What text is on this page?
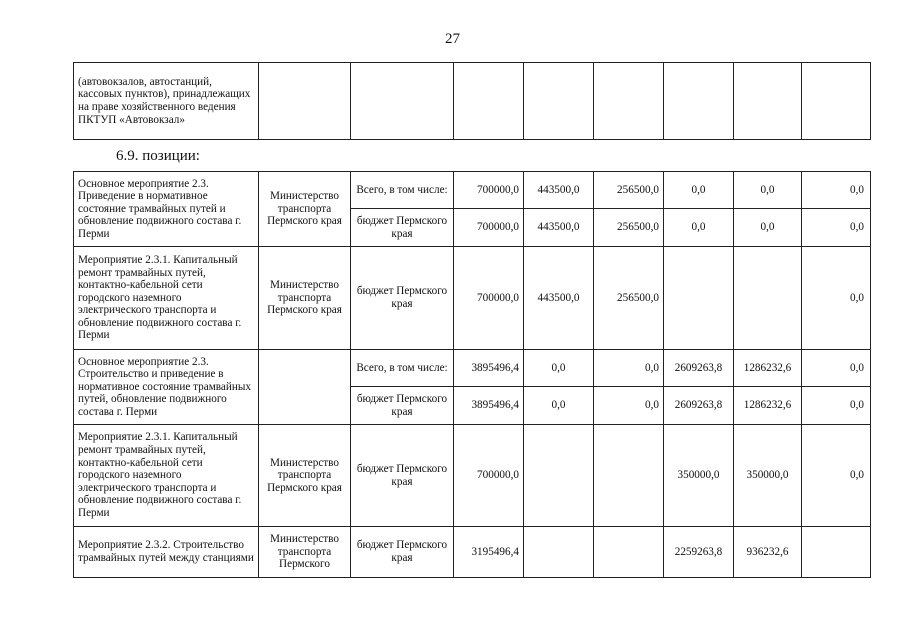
27
(автовокзалов, автостанций, кассовых пунктов), принадлежащих на праве хозяйственного ведения ПКТУП «Автовокзал»								
6.9. позиции:
Основное мероприятие 2.3. Приведение в нормативное состояние трамвайных путей и обновление подвижного состава г. Перми	Министерство транспорта Пермского края	Всего, в том числе:	700000,0	443500,0	256500,0	0,0	0,0	0,0
		бюджет Пермского края	700000,0	443500,0	256500,0	0,0	0,0	0,0
Мероприятие 2.3.1. Капитальный ремонт трамвайных путей, контактно-кабельной сети городского наземного электрического транспорта и обновление подвижного состава г. Перми	Министерство транспорта Пермского края	бюджет Пермского края	700000,0	443500,0	256500,0			0,0
Основное мероприятие 2.3. Строительство и приведение в нормативное состояние трамвайных путей, обновление подвижного состава г. Перми		Всего, в том числе:	3895496,4	0,0	0,0	2609263,8	1286232,6	0,0
		бюджет Пермского края	3895496,4	0,0	0,0	2609263,8	1286232,6	0,0
Мероприятие 2.3.1. Капитальный ремонт трамвайных путей, контактно-кабельной сети городского наземного электрического транспорта и обновление подвижного состава г. Перми	Министерство транспорта Пермского края	бюджет Пермского края	700000,0			350000,0	350000,0	0,0
Мероприятие 2.3.2. Строительство трамвайных путей между станциями	Министерство транспорта Пермского	бюджет Пермского края	3195496,4			2259263,8	936232,6	
